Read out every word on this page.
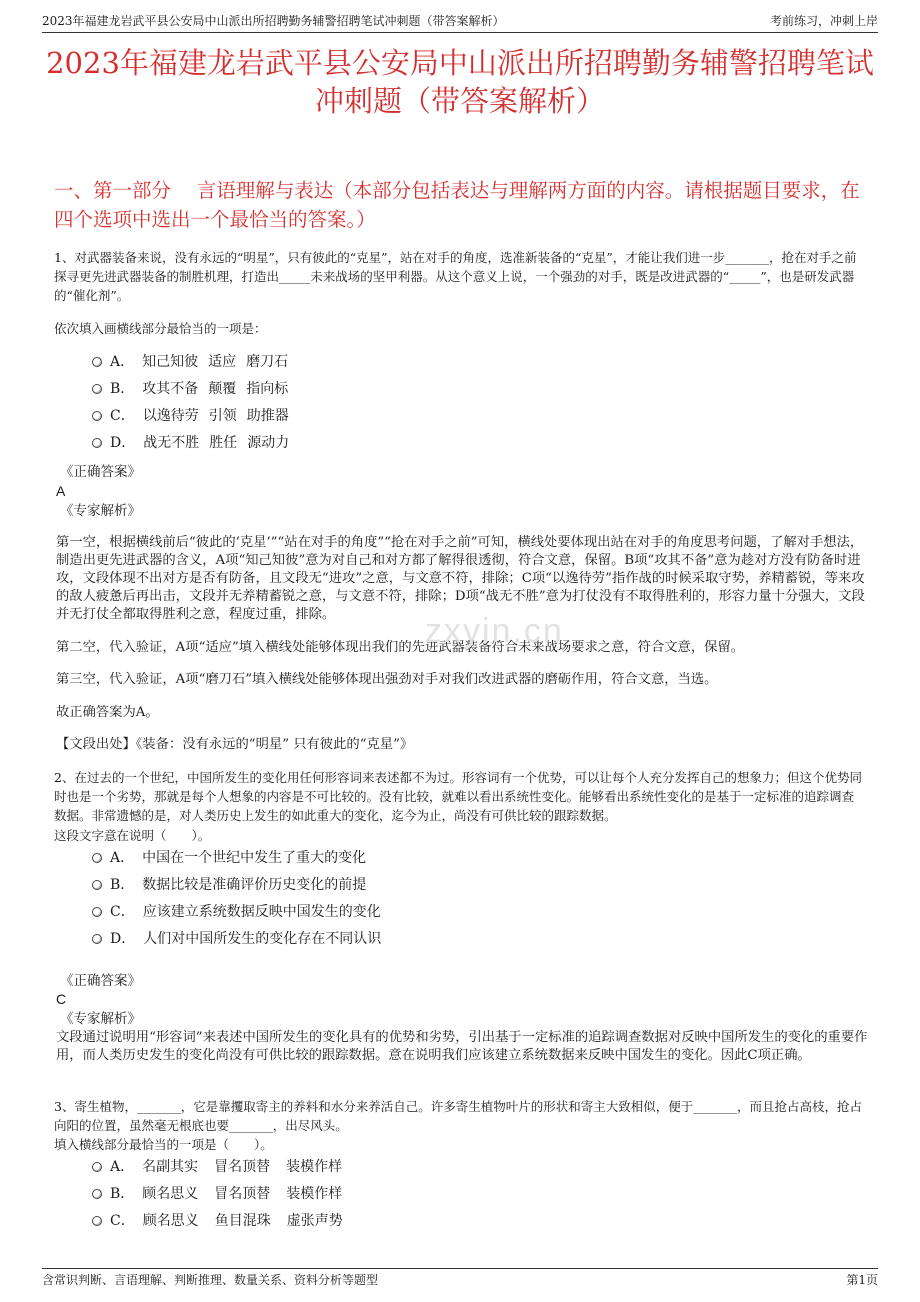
2023年福建龙岩武平县公安局中山派出所招聘勤务辅警招聘笔试冲刺题（带答案解析）	考前练习，冲刺上岸
2023年福建龙岩武平县公安局中山派出所招聘勤务辅警招聘笔试冲刺题（带答案解析）
一、第一部分　 言语理解与表达（本部分包括表达与理解两方面的内容。请根据题目要求，在四个选项中选出一个最恰当的答案。）

1、对武器装备来说，没有永远的“明星”，只有彼此的“克星”，站在对手的角度，选准新装备的“克星”，才能让我们进一步_______，抢在对手之前探寻更先进武器装备的制胜机理，打造出_____未来战场的坚甲利器。从这个意义上说，一个强劲的对手，既是改进武器的“_____”，也是研发武器的“催化剂”。

依次填入画横线部分最恰当的一项是：

A． 知己知彼 适应 磨刀石
B． 攻其不备 颠覆 指向标
C． 以逸待劳 引领 助推器
D． 战无不胜 胜任 源动力
《正确答案》
A
《专家解析》

第一空，根据横线前后“彼此的‘克星’”“站在对手的角度”“抢在对手之前”可知，横线处要体现出站在对手的角度思考问题，了解对手想法，制造出更先进武器的含义，A项“知己知彼”意为对自己和对方都了解得很透彻，符合文意，保留。B项“攻其不备”意为趁对方没有防备时进攻，文段体现不出对方是否有防备，且文段无“进攻”之意，与文意不符，排除；C项“以逸待劳”指作战的时候采取守势，养精蓄锐，等来攻的敌人疲惫后再出击，文段并无养精蓄锐之意，与文意不符，排除；D项“战无不胜”意为打仗没有不取得胜利的，形容力量十分强大，文段并无打仗全都取得胜利之意，程度过重，排除。

第二空，代入验证，A项“适应”填入横线处能够体现出我们的先进武器装备符合未来战场要求之意，符合文意，保留。

第三空，代入验证，A项“磨刀石”填入横线处能够体现出强劲对手对我们改进武器的磨砺作用，符合文意，当选。

故正确答案为A。

【文段出处】《装备：没有永远的“明星” 只有彼此的“克星”》

zxyin.cn

2、在过去的一个世纪，中国所发生的变化用任何形容词来表述都不为过。形容词有一个优势，可以让每个人充分发挥自己的想象力；但这个优势同时也是一个劣势，那就是每个人想象的内容是不可比较的。没有比较，就难以看出系统性变化。能够看出系统性变化的是基于一定标准的追踪调查数据。非常遗憾的是，对人类历史上发生的如此重大的变化，迄今为止，尚没有可供比较的跟踪数据。

这段文字意在说明（　　）。

A． 中国在一个世纪中发生了重大的变化
B． 数据比较是准确评价历史变化的前提
C． 应该建立系统数据反映中国发生的变化
D． 人们对中国所发生的变化存在不同认识
《正确答案》
C
《专家解析》

文段通过说明用“形容词”来表述中国所发生的变化具有的优势和劣势，引出基于一定标准的追踪调查数据对反映中国所发生的变化的重要作用，而人类历史发生的变化尚没有可供比较的跟踪数据。意在说明我们应该建立系统数据来反映中国发生的变化。因此C项正确。

3、寄生植物，_______，它是靠攫取寄主的养料和水分来养活自己。许多寄生植物叶片的形状和寄主大致相似，便于_______，而且抢占高枝，抢占向阳的位置，虽然毫无根底也要_______，出尽风头。

填入横线部分最恰当的一项是（　　）。

A． 名副其实 冒名顶替 装模作样
B． 顾名思义 冒名顶替 装模作样
C． 顾名思义 鱼目混珠 虚张声势
含常识判断、言语理解、判断推理、数量关系、资料分析等题型	第1页
